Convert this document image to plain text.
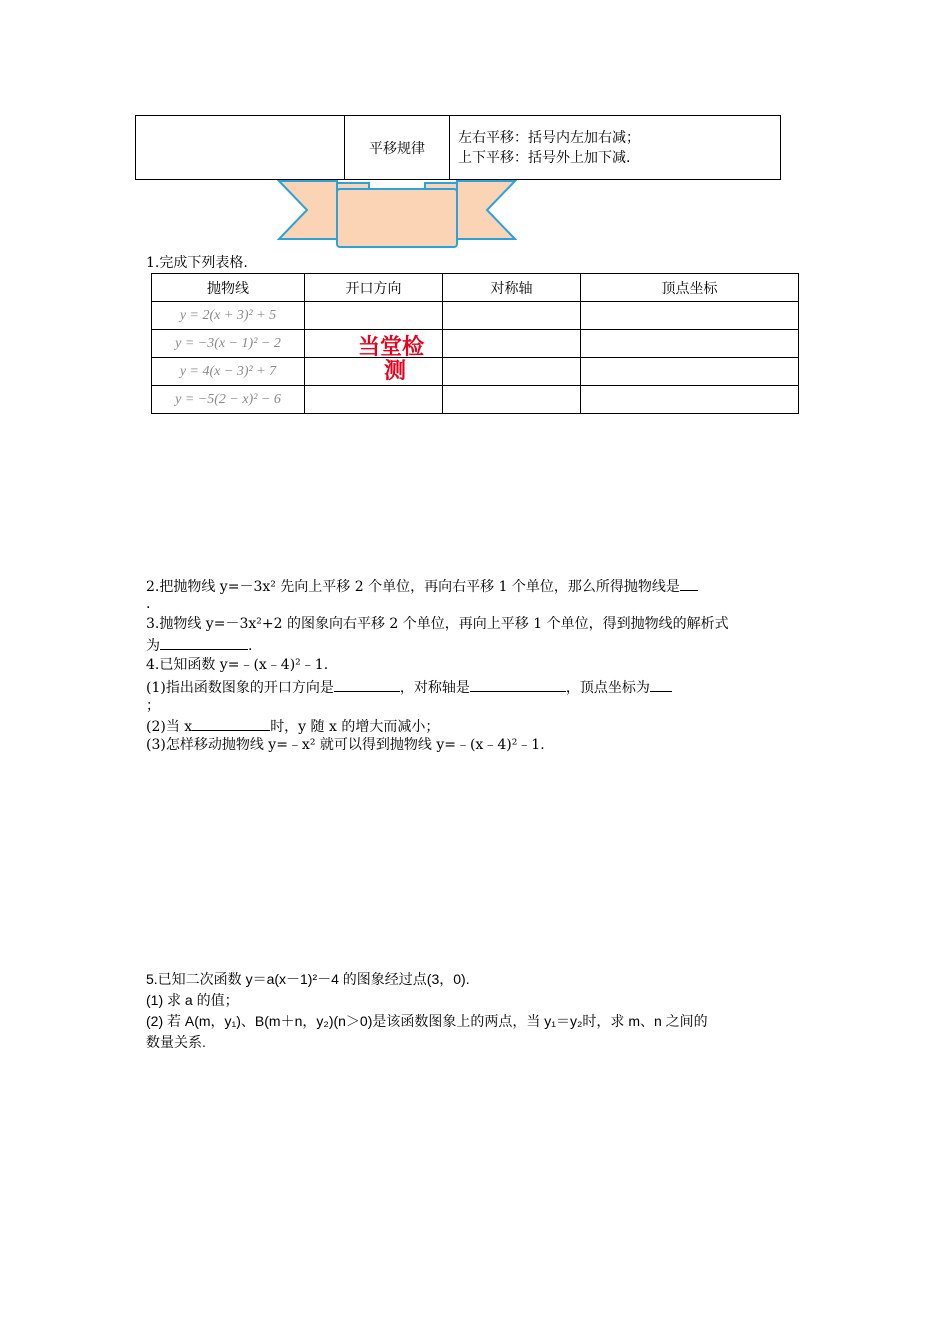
	平移规律	
左右平移：括号内左加右减；
上下平移：括号外上加下减.
1.完成下列表格.
抛物线	开口方向	对称轴	顶点坐标
y = 2(x + 3)² + 5			
y = −3(x − 1)² − 2			
y = 4(x − 3)² + 7			
y = −5(2 − x)² − 6			
当堂检
测
2.把抛物线 y=－3x² 先向上平移 2 个单位，再向右平移 1 个单位，那么所得抛物线是
.
3.抛物线 y=－3x²+2 的图象向右平移 2 个单位，再向上平移 1 个单位，得到抛物线的解析式
为	.
4.已知函数 y=﹣(x﹣4)²﹣1.
(1)指出函数图象的开口方向是	，对称轴是	，顶点坐标为
；
(2)当 x	时，y 随 x 的增大而减小；
(3)怎样移动抛物线 y=﹣x² 就可以得到抛物线 y=﹣(x﹣4)²﹣1.
5.已知二次函数 y＝a(x－1)²－4 的图象经过点(3，0).
(1) 求 a 的值；
(2) 若 A(m，y₁)、B(m＋n，y₂)(n＞0)是该函数图象上的两点，当 y₁＝y₂时，求 m、n 之间的
数量关系.
